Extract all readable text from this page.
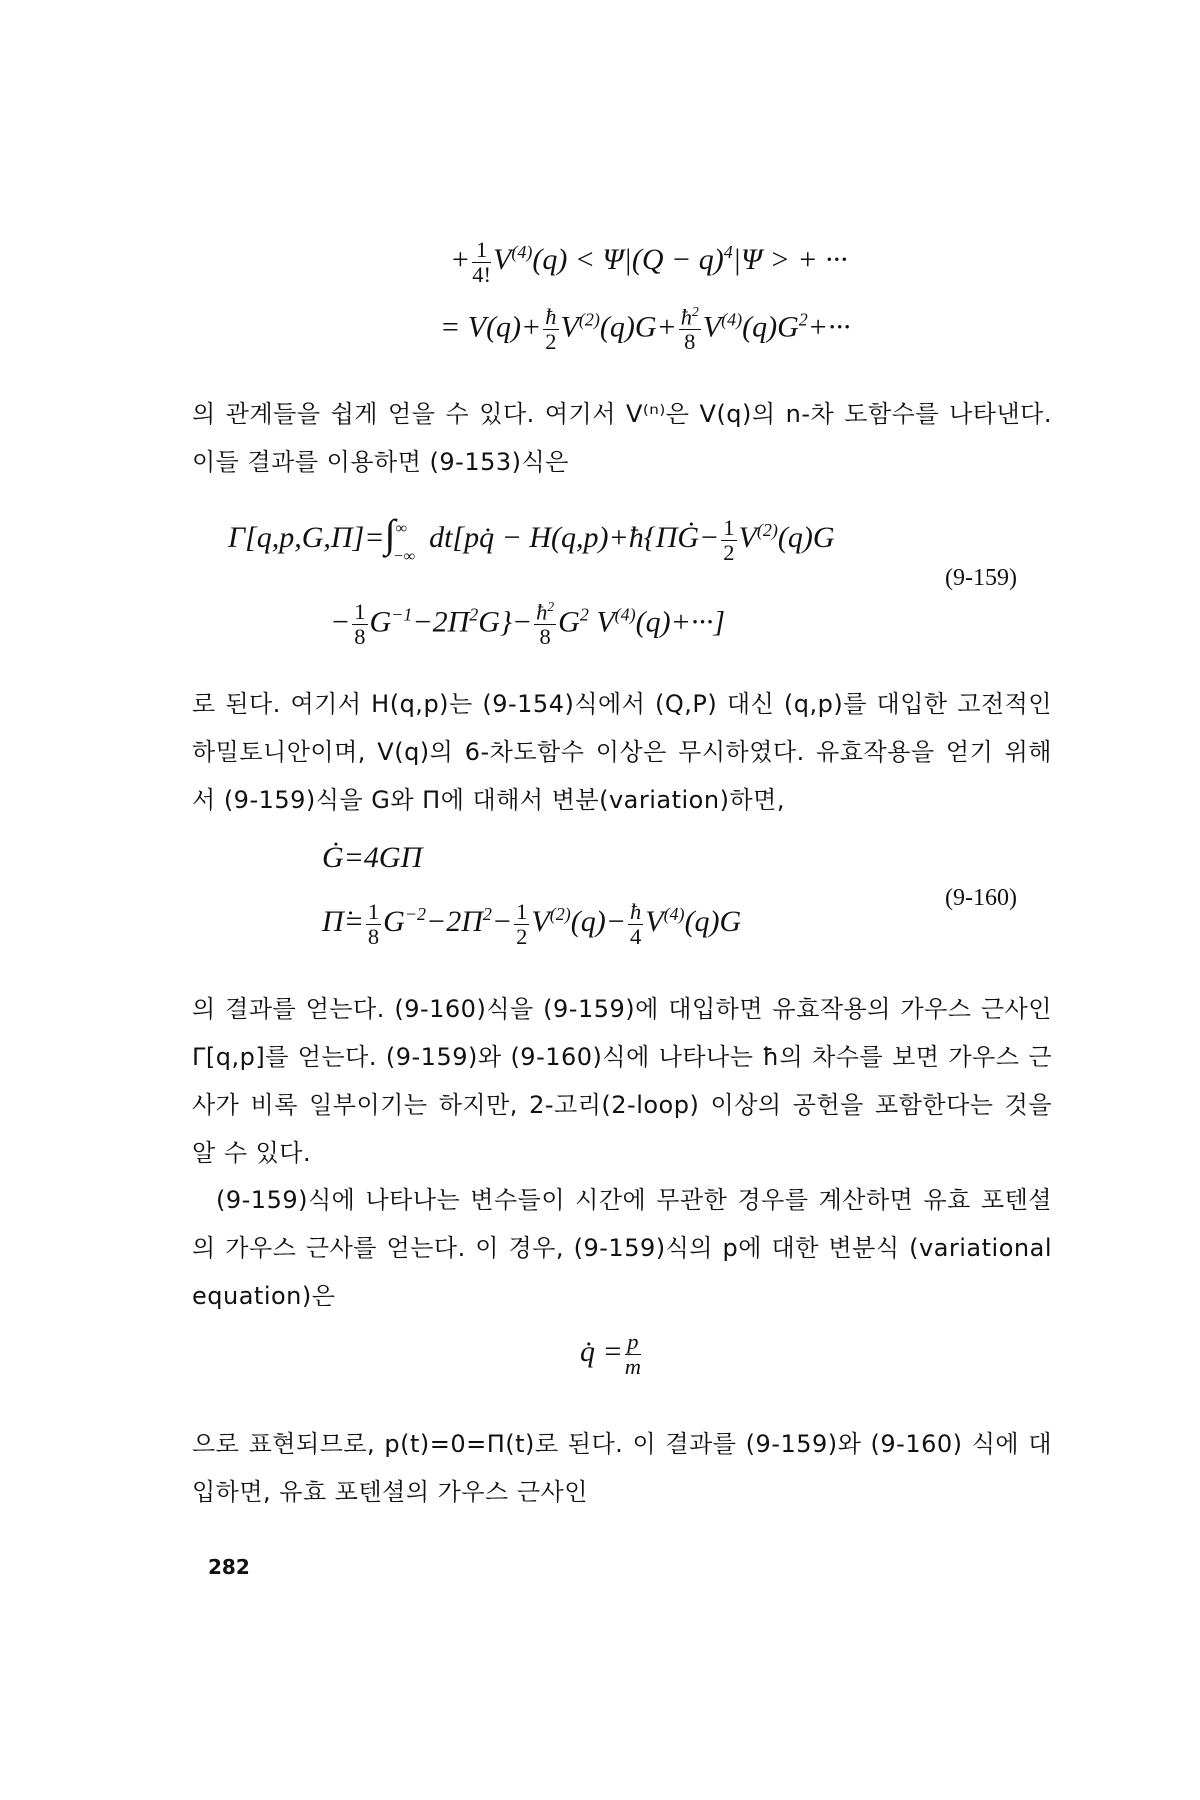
+ $\frac{1}{4!} V^{(4)}(q) < \Psi|(Q - q)^4|\Psi$ > + ···
= $V(q)+ \frac{ħ}{2} V^{(2)}(q)G+ \frac{ħ^2}{8} V^{(4)}(q)G^2+\cdot\cdot\cdot$
의 관계들을 쉽게 얻을 수 있다. 여기서 V⁽ⁿ⁾은 V(q)의 n-차 도함수를 나타낸다. 이들 결과를 이용하면 (9-153)식은
$\Gamma[q,p,G,\Pi]=\int^\infty_{-\infty}dt[pq̇$ − H(q,p)+ħ{ΠĠ− $\frac{1}{2} V^{(2)}(q)G$
− $\frac{1}{8} G^{-1}-2\Pi^2G\}- \frac{ħ^2}{8} G^2$ $V^{(4)}(q)+\cdot\cdot\cdot$]
(9-159)
로 된다. 여기서 H(q,p)는 (9-154)식에서 (Q,P) 대신 (q,p)를 대입한 고전적인 하밀토니안이며, V(q)의 6-차도함수 이상은 무시하였다. 유효작용을 얻기 위해서 (9-159)식을 G와 Π에 대해서 변분(variation)하면,
Ġ=4GΠ
Π̇= $\frac{1}{8} G^{-2}-2\Pi^2- \frac{1}{2} V^{(2)}(q)- \frac{ħ}{4} V^{(4)}(q)G$
(9-160)
의 결과를 얻는다. (9-160)식을 (9-159)에 대입하면 유효작용의 가우스 근사인 Γ[q,p]를 얻는다. (9-159)와 (9-160)식에 나타나는 ħ의 차수를 보면 가우스 근사가 비록 일부이기는 하지만, 2-고리(2-loop) 이상의 공헌을 포함한다는 것을 알 수 있다.
(9-159)식에 나타나는 변수들이 시간에 무관한 경우를 계산하면 유효 포텐셜의 가우스 근사를 얻는다. 이 경우, (9-159)식의 p에 대한 변분식 (variational equation)은
q̇ = $\frac{p}{m}$
으로 표현되므로, p(t)=0=Π(t)로 된다. 이 결과를 (9-159)와 (9-160) 식에 대입하면, 유효 포텐셜의 가우스 근사인
282
